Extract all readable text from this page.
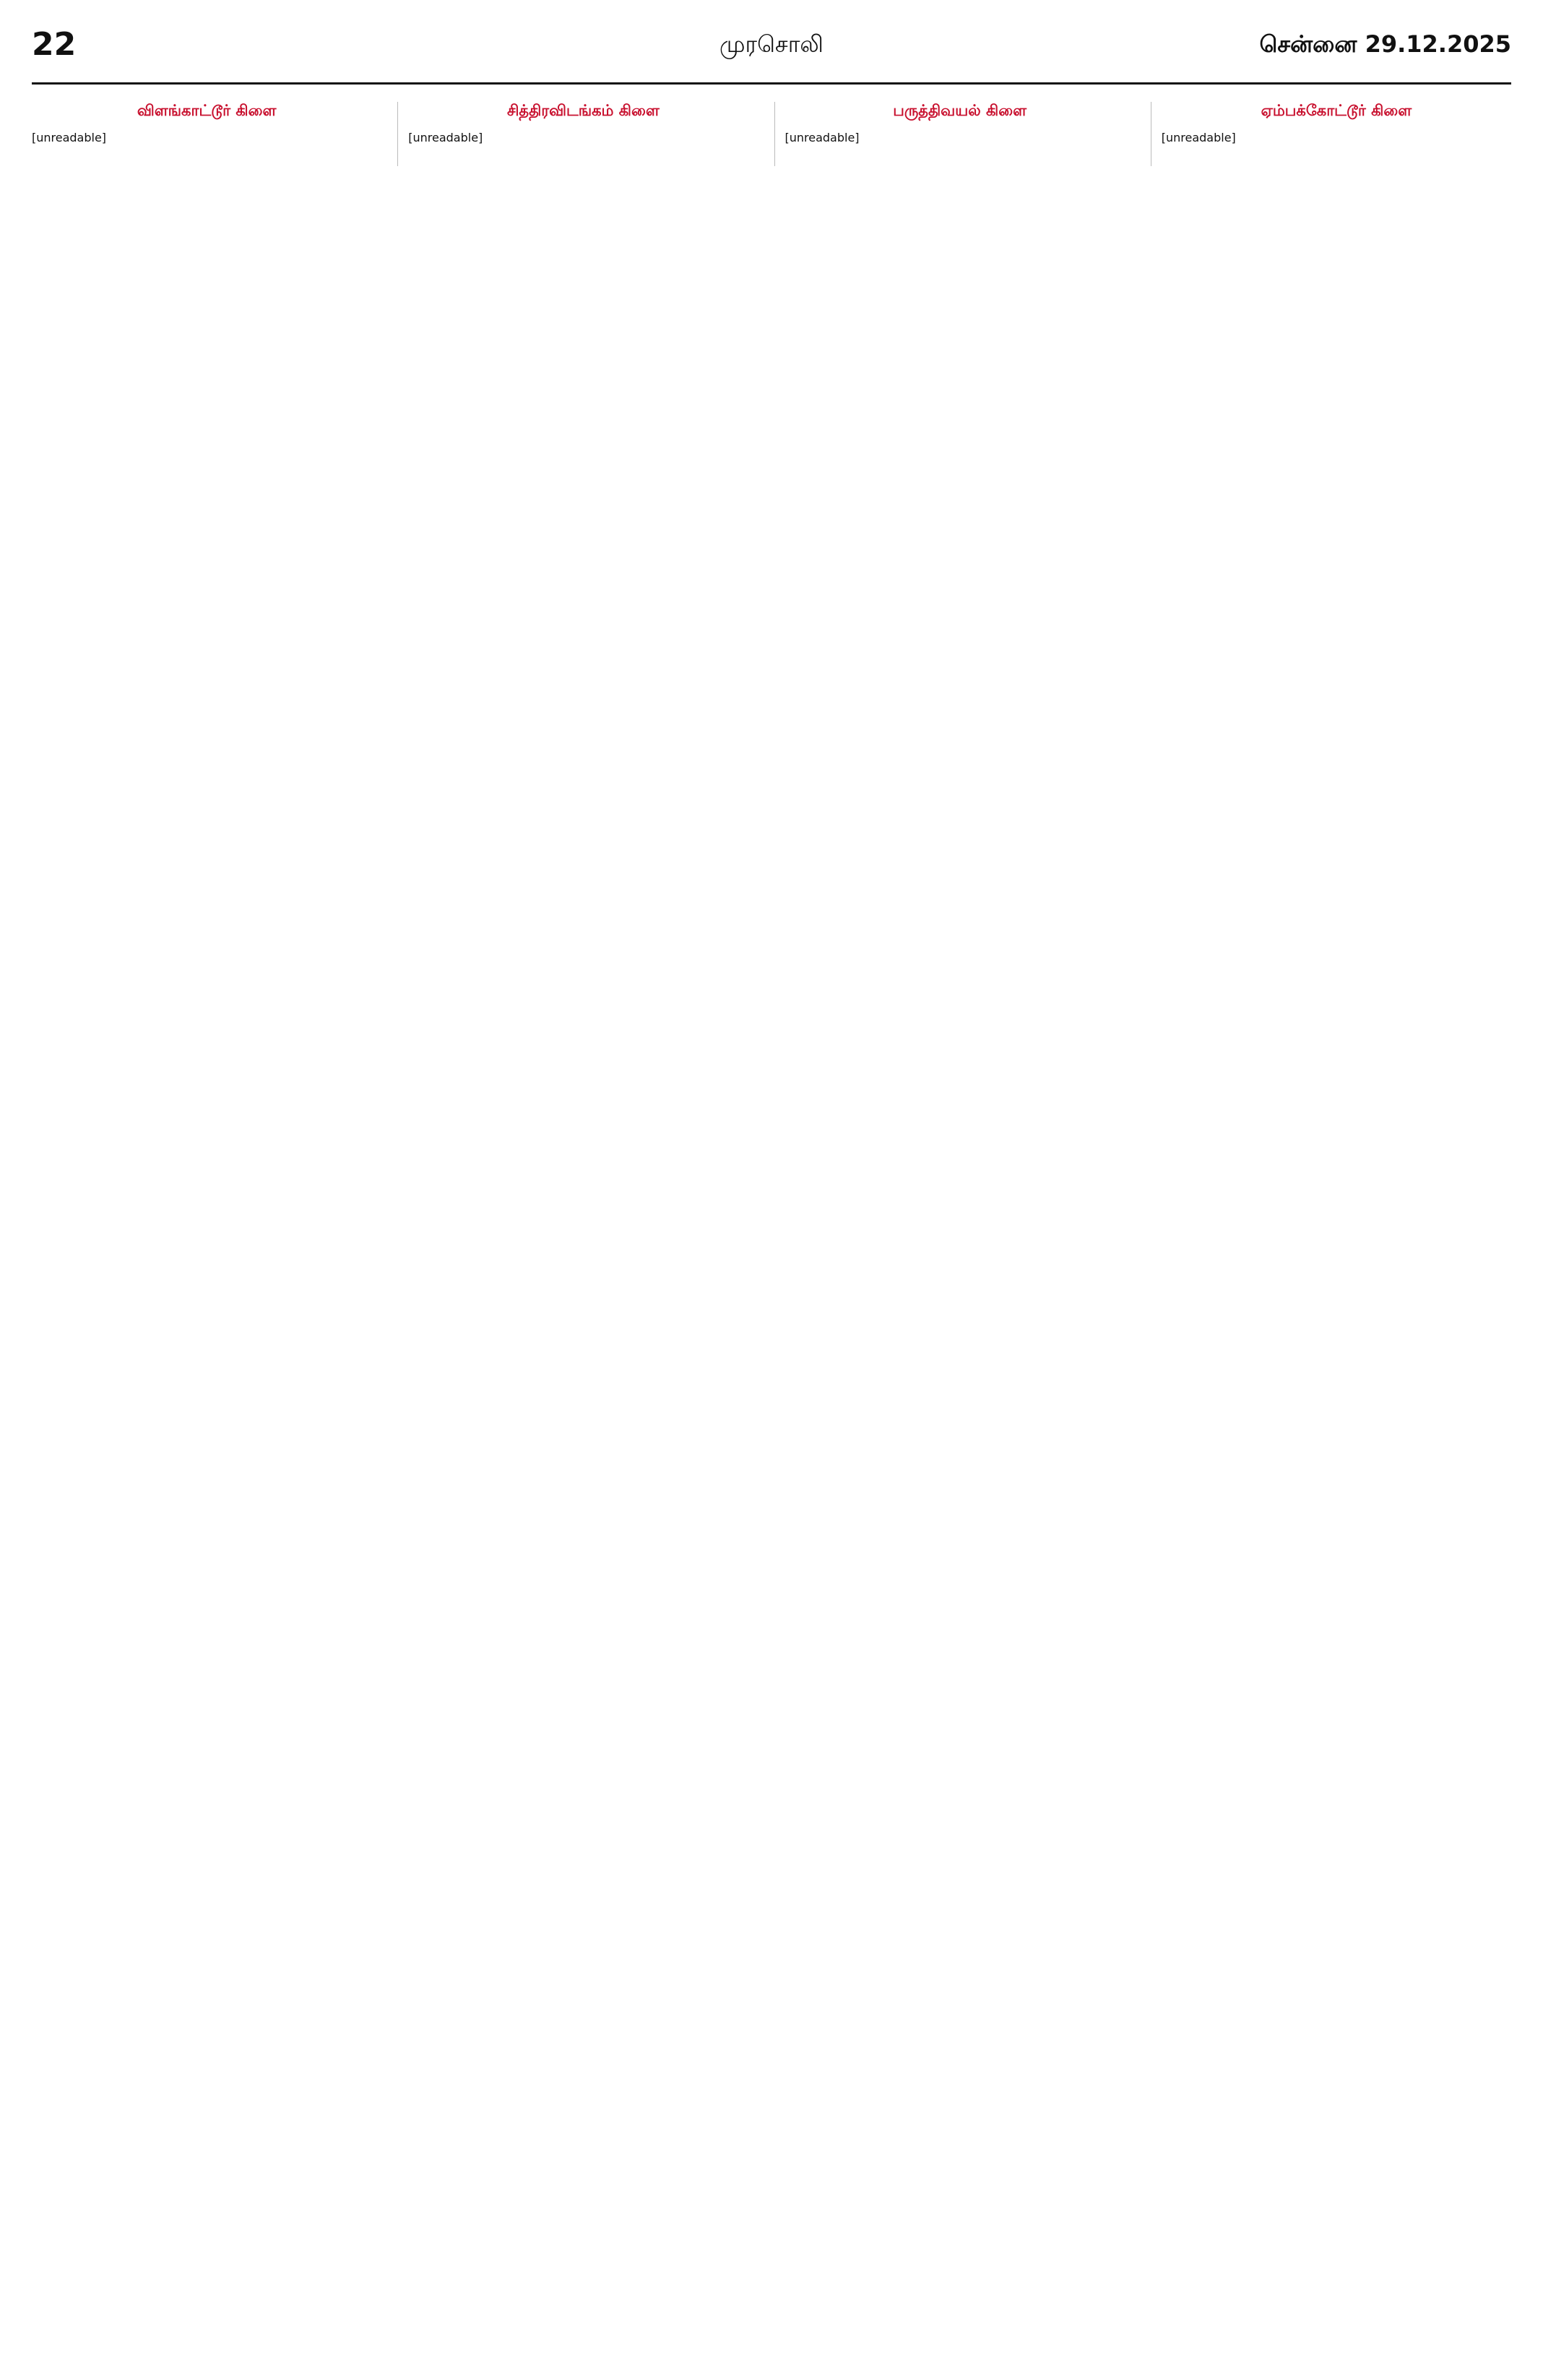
22	முரசொலி	சென்னை 29.12.2025
விளங்காட்டூர் கிளை
[unreadable]
சித்திரவிடங்கம் கிளை
[unreadable]
பருத்திவயல் கிளை
[unreadable]
ஏம்பக்கோட்டூர் கிளை
[unreadable]
